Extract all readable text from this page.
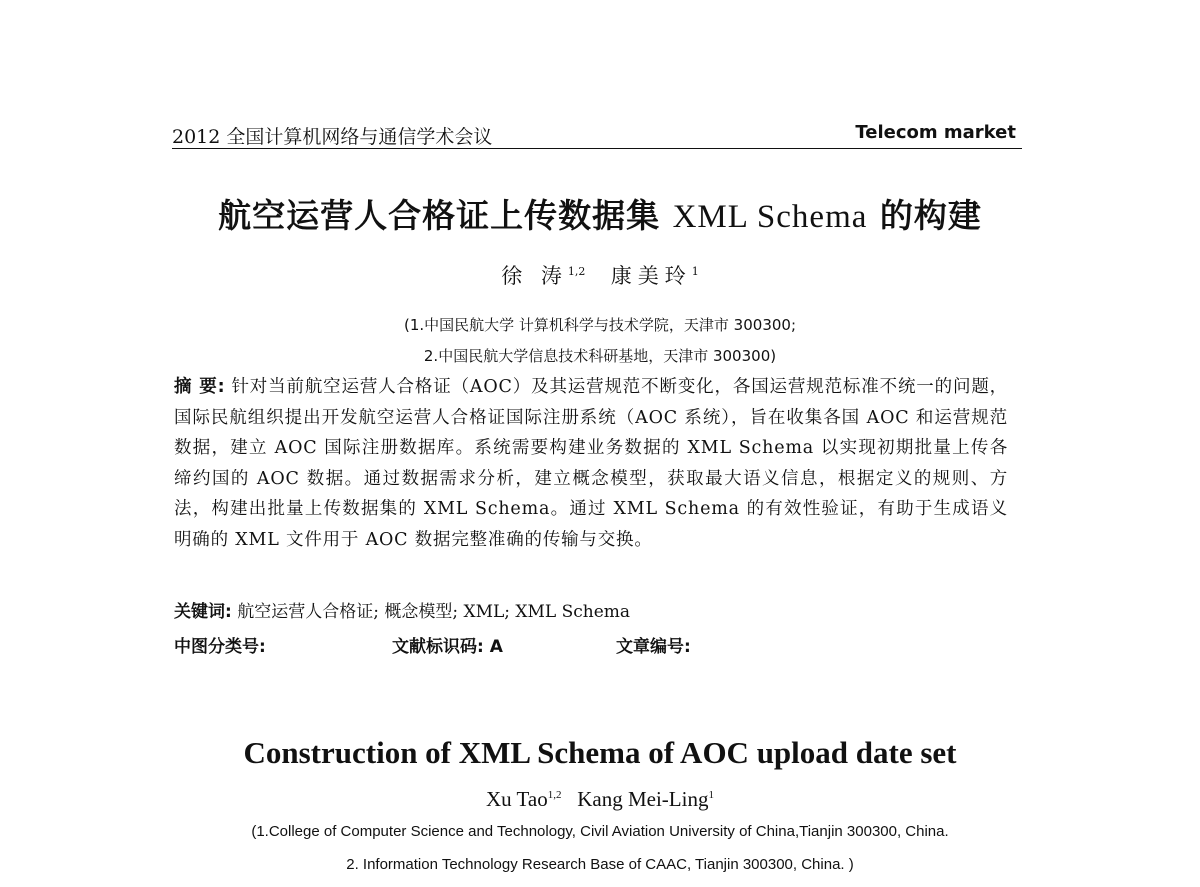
2012 全国计算机网络与通信学术会议	Telecom market
航空运营人合格证上传数据集 XML Schema 的构建
徐 涛$^{1,2}$ 康美玲$^1$
(1.中国民航大学 计算机科学与技术学院，天津市 300300;
2.中国民航大学信息技术科研基地，天津市 300300)
摘 要: 针对当前航空运营人合格证（AOC）及其运营规范不断变化，各国运营规范标准不统一的问题，国际民航组织提出开发航空运营人合格证国际注册系统（AOC 系统），旨在收集各国 AOC 和运营规范数据，建立 AOC 国际注册数据库。系统需要构建业务数据的 XML Schema 以实现初期批量上传各缔约国的 AOC 数据。通过数据需求分析，建立概念模型，获取最大语义信息，根据定义的规则、方法，构建出批量上传数据集的 XML Schema。通过 XML Schema 的有效性验证，有助于生成语义明确的 XML 文件用于 AOC 数据完整准确的传输与交换。
关键词: 航空运营人合格证; 概念模型; XML; XML Schema
中图分类号:	文献标识码: A	文章编号:
Construction of XML Schema of AOC upload date set
Xu Tao$^{1,2}$ Kang Mei-Ling$^1$
(1.College of Computer Science and Technology, Civil Aviation University of China,Tianjin 300300, China.
2. Information Technology Research Base of CAAC, Tianjin 300300, China. )
